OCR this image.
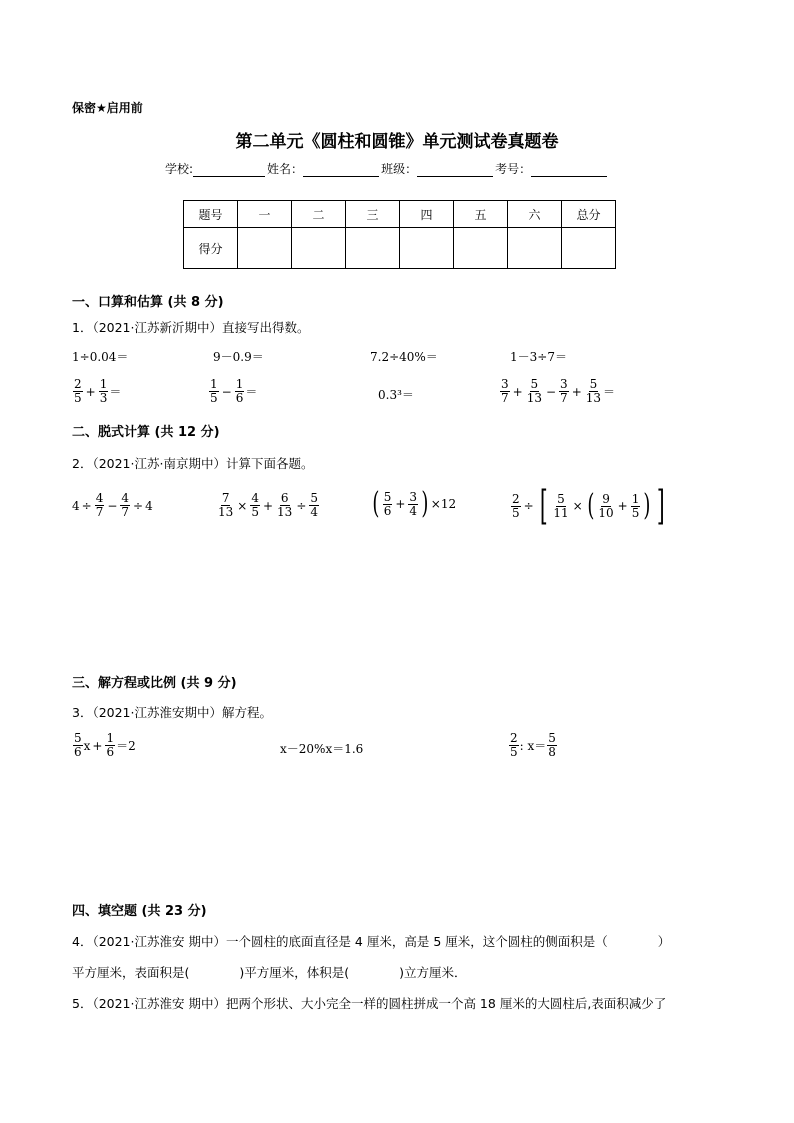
保密★启用前
第二单元《圆柱和圆锥》单元测试卷真题卷
学校:	姓名：	班级：	考号：
题号	一	二	三	四	五	六	总分
得分							
一、口算和估算 (共 8 分)
1．（2021·江苏新沂期中）直接写出得数。
1÷0.04＝	9－0.9＝	7.2÷40%＝	1－3÷7＝
2
$5 + \frac{1}{3}$ ＝
1
$5 - \frac{1}{6}$ ＝	0.3³＝
3
$7 + \frac{5}{13} - \frac{3}{7} + \frac{5}{13}$ ＝
二、脱式计算 (共 12 分)
2．（2021·江苏·南京期中）计算下面各题。
$4 \div \frac{4}{7} - \frac{4}{7} \div 4$	$\frac{7}{13} \times \frac{4}{5} + \frac{6}{13} \div \frac{5}{4}$ ( 5
$6 + \frac{3}{4}$ ) ×12	$\frac{2}{5}$ ÷ [ $\frac{5}{11}$ × ( 9
$10 + \frac{1}{5}$ ) ]
三、解方程或比例 (共 9 分)
3．（2021·江苏淮安期中）解方程。
5
6 $x + \frac{1}{6} =2$	x－20%x＝1.6
2
5 : x＝
5
8
四、填空题 (共 23 分)
4．（2021·江苏淮安 期中）一个圆柱的底面直径是 4 厘米，高是 5 厘米，这个圆柱的侧面积是（　　　　）
平方厘米，表面积是(　　　　)平方厘米，体积是(　　　　)立方厘米．
5．（2021·江苏淮安 期中）把两个形状、大小完全一样的圆柱拼成一个高 18 厘米的大圆柱后,表面积减少了
